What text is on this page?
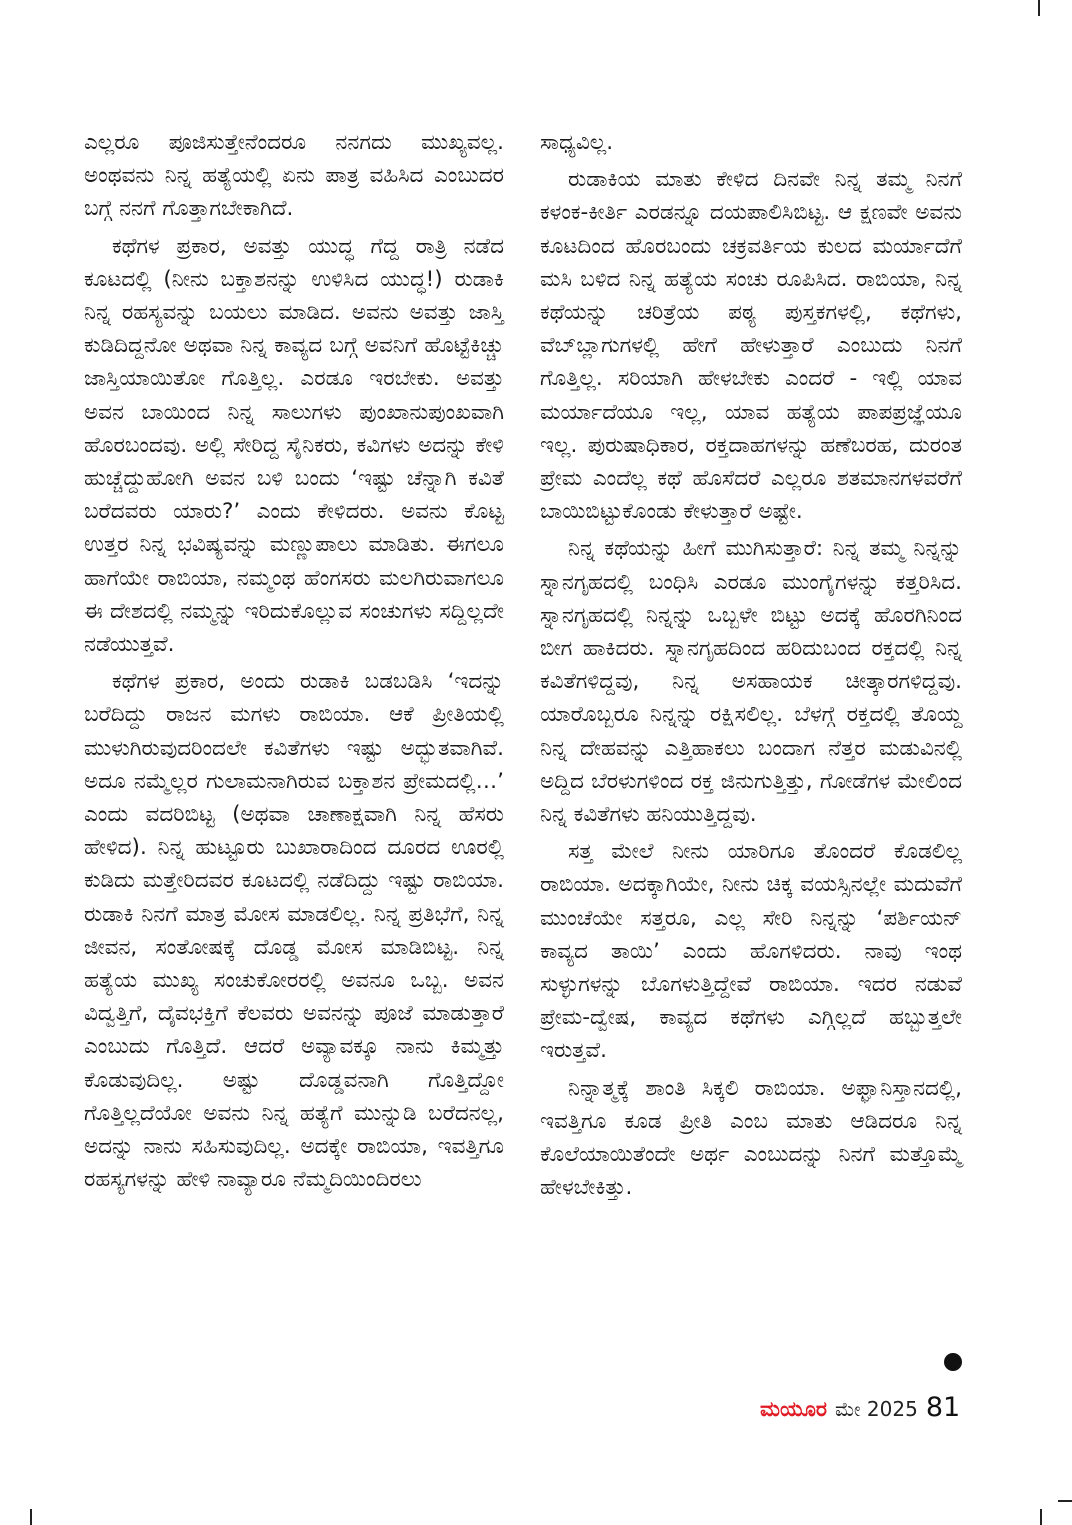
ಎಲ್ಲರೂ ಪೂಜಿಸುತ್ತೇನೆಂದರೂ ನನಗದು ಮುಖ್ಯವಲ್ಲ. ಅಂಥವನು ನಿನ್ನ ಹತ್ಯೆಯಲ್ಲಿ ಏನು ಪಾತ್ರ ವಹಿಸಿದ ಎಂಬುದರ ಬಗ್ಗೆ ನನಗೆ ಗೊತ್ತಾಗಬೇಕಾಗಿದೆ.

ಕಥೆಗಳ ಪ್ರಕಾರ, ಅವತ್ತು ಯುದ್ಧ ಗೆದ್ದ ರಾತ್ರಿ ನಡೆದ ಕೂಟದಲ್ಲಿ (ನೀನು ಬಕ್ತಾಶನನ್ನು ಉಳಿಸಿದ ಯುದ್ಧ!) ರುಡಾಕಿ ನಿನ್ನ ರಹಸ್ಯವನ್ನು ಬಯಲು ಮಾಡಿದ. ಅವನು ಅವತ್ತು ಜಾಸ್ತಿ ಕುಡಿದಿದ್ದನೋ ಅಥವಾ ನಿನ್ನ ಕಾವ್ಯದ ಬಗ್ಗೆ ಅವನಿಗೆ ಹೊಟ್ಟೆಕಿಚ್ಚು ಜಾಸ್ತಿಯಾಯಿತೋ ಗೊತ್ತಿಲ್ಲ. ಎರಡೂ ಇರಬೇಕು. ಅವತ್ತು ಅವನ ಬಾಯಿಂದ ನಿನ್ನ ಸಾಲುಗಳು ಪುಂಖಾನುಪುಂಖವಾಗಿ ಹೊರಬಂದವು. ಅಲ್ಲಿ ಸೇರಿದ್ದ ಸೈನಿಕರು, ಕವಿಗಳು ಅದನ್ನು ಕೇಳಿ ಹುಚ್ಚೆದ್ದುಹೋಗಿ ಅವನ ಬಳಿ ಬಂದು ‘ಇಷ್ಟು ಚೆನ್ನಾಗಿ ಕವಿತೆ ಬರೆದವರು ಯಾರು?’ ಎಂದು ಕೇಳಿದರು. ಅವನು ಕೊಟ್ಟ ಉತ್ತರ ನಿನ್ನ ಭವಿಷ್ಯವನ್ನು ಮಣ್ಣುಪಾಲು ಮಾಡಿತು. ಈಗಲೂ ಹಾಗೆಯೇ ರಾಬಿಯಾ, ನಮ್ಮಂಥ ಹೆಂಗಸರು ಮಲಗಿರುವಾಗಲೂ ಈ ದೇಶದಲ್ಲಿ ನಮ್ಮನ್ನು ಇರಿದುಕೊಲ್ಲುವ ಸಂಚುಗಳು ಸದ್ದಿಲ್ಲದೇ ನಡೆಯುತ್ತವೆ.

ಕಥೆಗಳ ಪ್ರಕಾರ, ಅಂದು ರುಡಾಕಿ ಬಡಬಡಿಸಿ ‘ಇದನ್ನು ಬರೆದಿದ್ದು ರಾಜನ ಮಗಳು ರಾಬಿಯಾ. ಆಕೆ ಪ್ರೀತಿಯಲ್ಲಿ ಮುಳುಗಿರುವುದರಿಂದಲೇ ಕವಿತೆಗಳು ಇಷ್ಟು ಅದ್ಭುತವಾಗಿವೆ. ಅದೂ ನಮ್ಮೆಲ್ಲರ ಗುಲಾಮನಾಗಿರುವ ಬಕ್ತಾಶನ ಪ್ರೇಮದಲ್ಲಿ…’ ಎಂದು ವದರಿಬಿಟ್ಟ (ಅಥವಾ ಚಾಣಾಕ್ಷವಾಗಿ ನಿನ್ನ ಹೆಸರು ಹೇಳಿದ). ನಿನ್ನ ಹುಟ್ಟೂರು ಬುಖಾರಾದಿಂದ ದೂರದ ಊರಲ್ಲಿ ಕುಡಿದು ಮತ್ತೇರಿದವರ ಕೂಟದಲ್ಲಿ ನಡೆದಿದ್ದು ಇಷ್ಟು ರಾಬಿಯಾ. ರುಡಾಕಿ ನಿನಗೆ ಮಾತ್ರ ಮೋಸ ಮಾಡಲಿಲ್ಲ. ನಿನ್ನ ಪ್ರತಿಭೆಗೆ, ನಿನ್ನ ಜೀವನ, ಸಂತೋಷಕ್ಕೆ ದೊಡ್ಡ ಮೋಸ ಮಾಡಿಬಿಟ್ಟ. ನಿನ್ನ ಹತ್ಯೆಯ ಮುಖ್ಯ ಸಂಚುಕೋರರಲ್ಲಿ ಅವನೂ ಒಬ್ಬ. ಅವನ ವಿದ್ವತ್ತಿಗೆ, ದೈವಭಕ್ತಿಗೆ ಕೆಲವರು ಅವನನ್ನು ಪೂಜೆ ಮಾಡುತ್ತಾರೆ ಎಂಬುದು ಗೊತ್ತಿದೆ. ಆದರೆ ಅವ್ಯಾವಕ್ಕೂ ನಾನು ಕಿಮ್ಮತ್ತು ಕೊಡುವುದಿಲ್ಲ. ಅಷ್ಟು ದೊಡ್ಡವನಾಗಿ ಗೊತ್ತಿದ್ದೋ ಗೊತ್ತಿಲ್ಲದೆಯೋ ಅವನು ನಿನ್ನ ಹತ್ಯೆಗೆ ಮುನ್ನುಡಿ ಬರೆದನಲ್ಲ, ಅದನ್ನು ನಾನು ಸಹಿಸುವುದಿಲ್ಲ. ಅದಕ್ಕೇ ರಾಬಿಯಾ, ಇವತ್ತಿಗೂ ರಹಸ್ಯಗಳನ್ನು ಹೇಳಿ ನಾವ್ಯಾರೂ ನೆಮ್ಮದಿಯಿಂದಿರಲು

ಸಾಧ್ಯವಿಲ್ಲ.

ರುಡಾಕಿಯ ಮಾತು ಕೇಳಿದ ದಿನವೇ ನಿನ್ನ ತಮ್ಮ ನಿನಗೆ ಕಳಂಕ-ಕೀರ್ತಿ ಎರಡನ್ನೂ ದಯಪಾಲಿಸಿಬಿಟ್ಟ. ಆ ಕ್ಷಣವೇ ಅವನು ಕೂಟದಿಂದ ಹೊರಬಂದು ಚಕ್ರವರ್ತಿಯ ಕುಲದ ಮರ್ಯಾದೆಗೆ ಮಸಿ ಬಳಿದ ನಿನ್ನ ಹತ್ಯೆಯ ಸಂಚು ರೂಪಿಸಿದ. ರಾಬಿಯಾ, ನಿನ್ನ ಕಥೆಯನ್ನು ಚರಿತ್ರೆಯ ಪಠ್ಯ ಪುಸ್ತಕಗಳಲ್ಲಿ, ಕಥೆಗಳು, ವೆಬ್‌ಬ್ಲಾಗುಗಳಲ್ಲಿ ಹೇಗೆ ಹೇಳುತ್ತಾರೆ ಎಂಬುದು ನಿನಗೆ ಗೊತ್ತಿಲ್ಲ. ಸರಿಯಾಗಿ ಹೇಳಬೇಕು ಎಂದರೆ - ಇಲ್ಲಿ ಯಾವ ಮರ್ಯಾದೆಯೂ ಇಲ್ಲ, ಯಾವ ಹತ್ಯೆಯ ಪಾಪಪ್ರಜ್ಞೆಯೂ ಇಲ್ಲ. ಪುರುಷಾಧಿಕಾರ, ರಕ್ತದಾಹಗಳನ್ನು ಹಣೆಬರಹ, ದುರಂತ ಪ್ರೇಮ ಎಂದೆಲ್ಲ ಕಥೆ ಹೊಸೆದರೆ ಎಲ್ಲರೂ ಶತಮಾನಗಳವರೆಗೆ ಬಾಯಿಬಿಟ್ಟುಕೊಂಡು ಕೇಳುತ್ತಾರೆ ಅಷ್ಟೇ.

ನಿನ್ನ ಕಥೆಯನ್ನು ಹೀಗೆ ಮುಗಿಸುತ್ತಾರೆ: ನಿನ್ನ ತಮ್ಮ ನಿನ್ನನ್ನು ಸ್ನಾನಗೃಹದಲ್ಲಿ ಬಂಧಿಸಿ ಎರಡೂ ಮುಂಗೈಗಳನ್ನು ಕತ್ತರಿಸಿದ. ಸ್ನಾನಗೃಹದಲ್ಲಿ ನಿನ್ನನ್ನು ಒಬ್ಬಳೇ ಬಿಟ್ಟು ಅದಕ್ಕೆ ಹೊರಗಿನಿಂದ ಬೀಗ ಹಾಕಿದರು. ಸ್ನಾನಗೃಹದಿಂದ ಹರಿದುಬಂದ ರಕ್ತದಲ್ಲಿ ನಿನ್ನ ಕವಿತೆಗಳಿದ್ದವು, ನಿನ್ನ ಅಸಹಾಯಕ ಚೀತ್ಕಾರಗಳಿದ್ದವು. ಯಾರೊಬ್ಬರೂ ನಿನ್ನನ್ನು ರಕ್ಷಿಸಲಿಲ್ಲ. ಬೆಳಗ್ಗೆ ರಕ್ತದಲ್ಲಿ ತೊಯ್ದ ನಿನ್ನ ದೇಹವನ್ನು ಎತ್ತಿಹಾಕಲು ಬಂದಾಗ ನೆತ್ತರ ಮಡುವಿನಲ್ಲಿ ಅದ್ದಿದ ಬೆರಳುಗಳಿಂದ ರಕ್ತ ಜಿನುಗುತ್ತಿತ್ತು, ಗೋಡೆಗಳ ಮೇಲಿಂದ ನಿನ್ನ ಕವಿತೆಗಳು ಹನಿಯುತ್ತಿದ್ದವು.

ಸತ್ತ ಮೇಲೆ ನೀನು ಯಾರಿಗೂ ತೊಂದರೆ ಕೊಡಲಿಲ್ಲ ರಾಬಿಯಾ. ಅದಕ್ಕಾಗಿಯೇ, ನೀನು ಚಿಕ್ಕ ವಯಸ್ಸಿನಲ್ಲೇ ಮದುವೆಗೆ ಮುಂಚೆಯೇ ಸತ್ತರೂ, ಎಲ್ಲ ಸೇರಿ ನಿನ್ನನ್ನು ‘ಪರ್ಶಿಯನ್ ಕಾವ್ಯದ ತಾಯಿ’ ಎಂದು ಹೊಗಳಿದರು. ನಾವು ಇಂಥ ಸುಳ್ಳುಗಳನ್ನು ಬೊಗಳುತ್ತಿದ್ದೇವೆ ರಾಬಿಯಾ. ಇದರ ನಡುವೆ ಪ್ರೇಮ-ದ್ವೇಷ, ಕಾವ್ಯದ ಕಥೆಗಳು ಎಗ್ಗಿಲ್ಲದೆ ಹಬ್ಬುತ್ತಲೇ ಇರುತ್ತವೆ.

ನಿನ್ನಾತ್ಮಕ್ಕೆ ಶಾಂತಿ ಸಿಕ್ಕಲಿ ರಾಬಿಯಾ. ಅಫ್ಘಾನಿಸ್ತಾನದಲ್ಲಿ, ಇವತ್ತಿಗೂ ಕೂಡ ಪ್ರೀತಿ ಎಂಬ ಮಾತು ಆಡಿದರೂ ನಿನ್ನ ಕೊಲೆಯಾಯಿತೆಂದೇ ಅರ್ಥ ಎಂಬುದನ್ನು ನಿನಗೆ ಮತ್ತೊಮ್ಮೆ ಹೇಳಬೇಕಿತ್ತು.

ಮಯೂರ ಮೇ 2025 81
